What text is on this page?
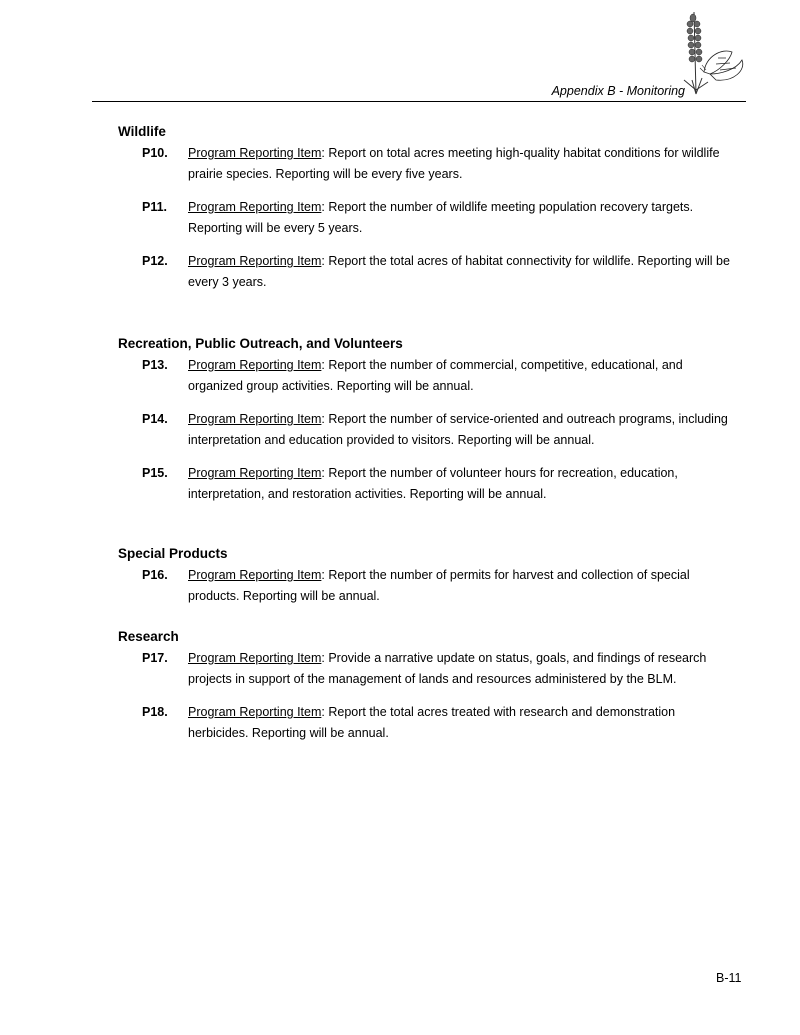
Appendix B - Monitoring
Wildlife
P10.	Program Reporting Item: Report on total acres meeting high-quality habitat conditions for wildlife prairie species. Reporting will be every five years.
P11.	Program Reporting Item: Report the number of wildlife meeting population recovery targets. Reporting will be every 5 years.
P12.	Program Reporting Item: Report the total acres of habitat connectivity for wildlife. Reporting will be every 3 years.
Recreation, Public Outreach, and Volunteers
P13.	Program Reporting Item: Report the number of commercial, competitive, educational, and organized group activities. Reporting will be annual.
P14.	Program Reporting Item: Report the number of service-oriented and outreach programs, including interpretation and education provided to visitors. Reporting will be annual.
P15.	Program Reporting Item: Report the number of volunteer hours for recreation, education, interpretation, and restoration activities. Reporting will be annual.
Special Products
P16.	Program Reporting Item: Report the number of permits for harvest and collection of special products. Reporting will be annual.
Research
P17.	Program Reporting Item: Provide a narrative update on status, goals, and findings of research projects in support of the management of lands and resources administered by the BLM.
P18.	Program Reporting Item: Report the total acres treated with research and demonstration herbicides. Reporting will be annual.
B-11
